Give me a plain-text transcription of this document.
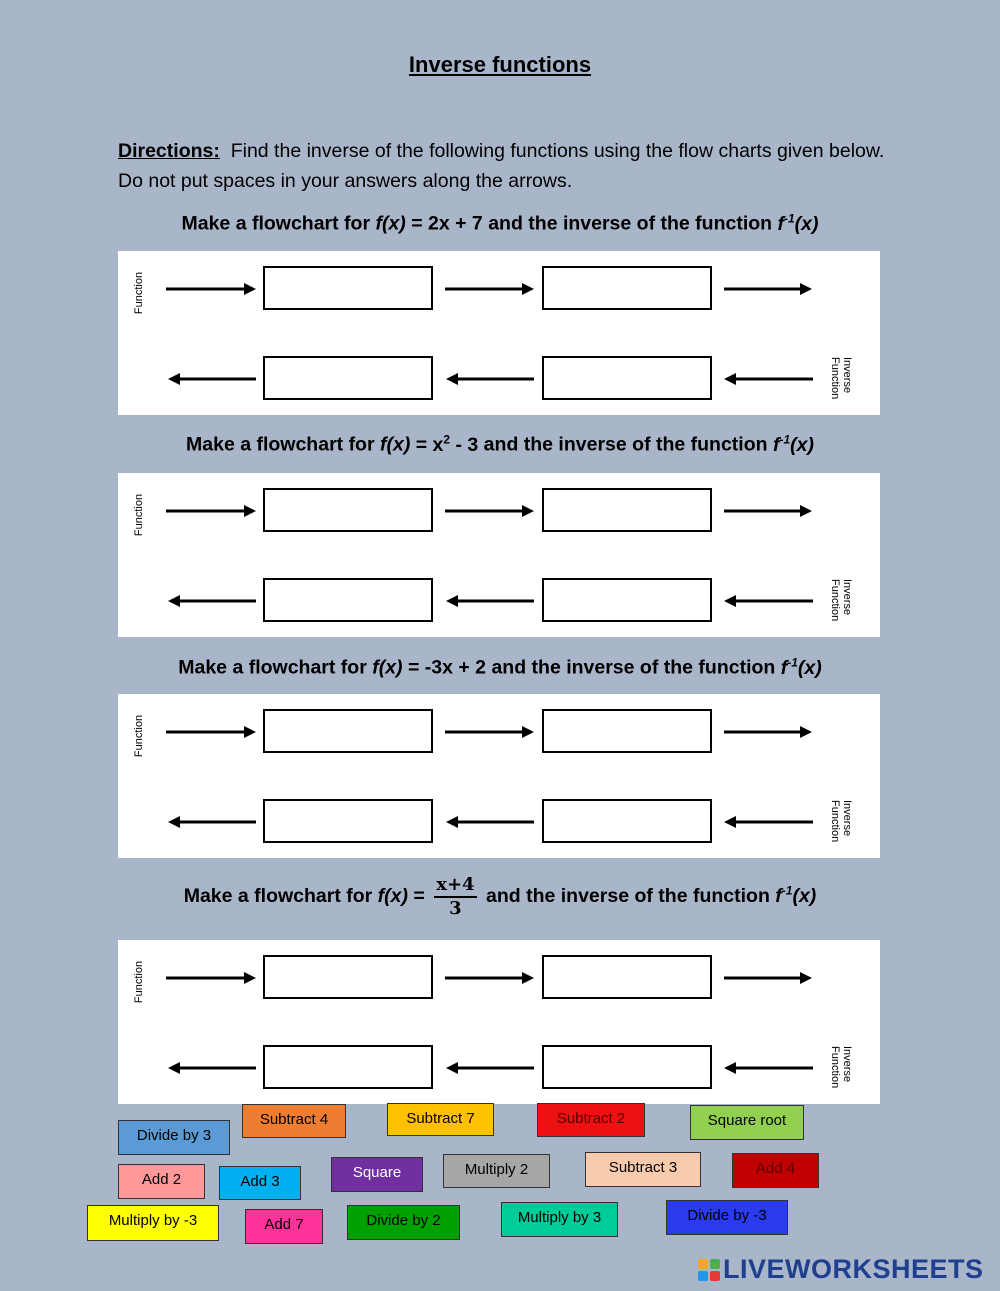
Inverse functions
Directions: Find the inverse of the following functions using the flow charts given below. Do not put spaces in your answers along the arrows.
Make a flowchart for f(x) = 2x + 7 and the inverse of the function $f^{-1}(x)$
Make a flowchart for $f(x) = x^2 - 3$ and the inverse of the function $f^{-1}(x)$
Make a flowchart for f(x) = -3x + 2 and the inverse of the function $f^{-1}(x)$
Make a flowchart for $f(x) = \frac{x+4}{3}$ and the inverse of the function $f^{-1}(x)$
Function
Inverse
Function
Function
Inverse
Function
Function
Inverse
Function
Function
Inverse
Function
Divide by 3
Subtract 4	Subtract 7	Subtract 2	Square root
Add 2	Add 3
Square	Multiply 2	Subtract 3	Add 4
Multiply by -3	Add 7	Divide by 2	Multiply by 3	Divide by -3
LIVEWORKSHEETS
